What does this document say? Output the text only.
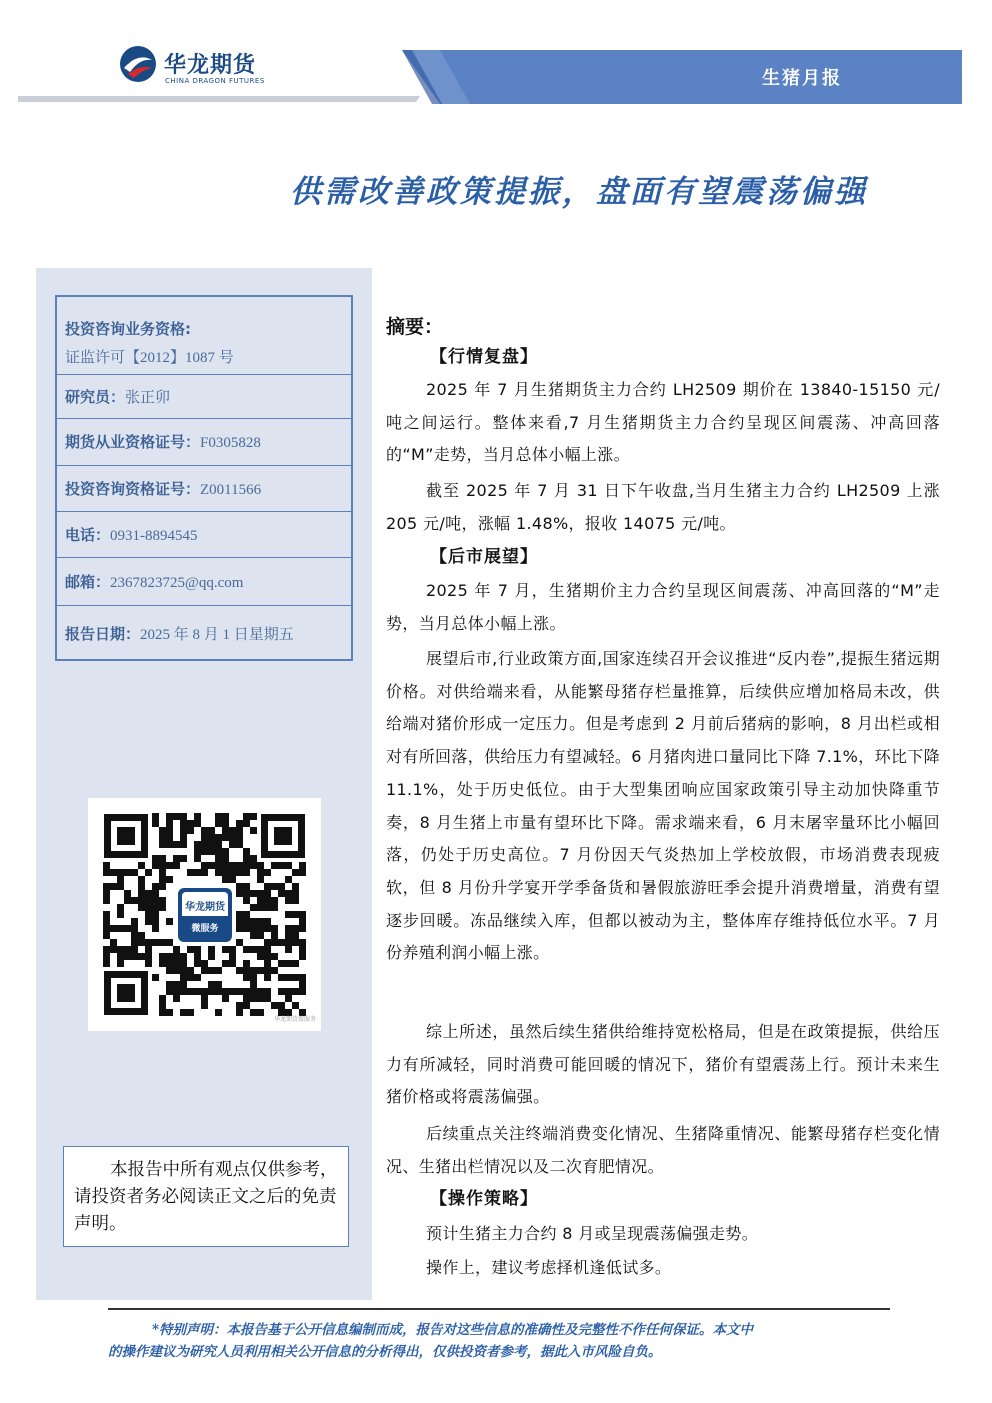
华龙期货
CHINA DRAGON FUTURES	生猪月报
供需改善政策提振，盘面有望震荡偏强
投资咨询业务资格:
证监许可【2012】1087 号
研究员：张正卯
期货从业资格证号：F0305828
投资咨询资格证号：Z0011566
电话：0931-8894545
邮箱：2367823725@qq.com
报告日期：2025 年 8 月 1 日星期五
华龙期货
微服务
华龙期货微服务
本报告中所有观点仅供参考，请投资者务必阅读正文之后的免责声明。
摘要：
【行情复盘】
2025 年 7 月生猪期货主力合约 LH2509 期价在 13840-15150 元/吨之间运行。整体来看,7 月生猪期货主力合约呈现区间震荡、冲高回落的“M”走势，当月总体小幅上涨。
截至 2025 年 7 月 31 日下午收盘,当月生猪主力合约 LH2509 上涨 205 元/吨，涨幅 1.48%，报收 14075 元/吨。
【后市展望】
2025 年 7 月，生猪期价主力合约呈现区间震荡、冲高回落的“M”走势，当月总体小幅上涨。
展望后市,行业政策方面,国家连续召开会议推进“反内卷”,提振生猪远期价格。对供给端来看，从能繁母猪存栏量推算，后续供应增加格局未改，供给端对猪价形成一定压力。但是考虑到 2 月前后猪病的影响，8 月出栏或相对有所回落，供给压力有望减轻。6 月猪肉进口量同比下降 7.1%，环比下降 11.1%，处于历史低位。由于大型集团响应国家政策引导主动加快降重节奏，8 月生猪上市量有望环比下降。需求端来看，6 月末屠宰量环比小幅回落，仍处于历史高位。7 月份因天气炎热加上学校放假，市场消费表现疲软，但 8 月份升学宴开学季备货和暑假旅游旺季会提升消费增量，消费有望逐步回暖。冻品继续入库，但都以被动为主，整体库存维持低位水平。7 月份养殖利润小幅上涨。
综上所述，虽然后续生猪供给维持宽松格局，但是在政策提振，供给压力有所减轻，同时消费可能回暖的情况下，猪价有望震荡上行。预计未来生猪价格或将震荡偏强。
后续重点关注终端消费变化情况、生猪降重情况、能繁母猪存栏变化情况、生猪出栏情况以及二次育肥情况。
【操作策略】
预计生猪主力合约 8 月或呈现震荡偏强走势。
操作上，建议考虑择机逢低试多。
*特别声明：本报告基于公开信息编制而成，报告对这些信息的准确性及完整性不作任何保证。本文中
的操作建议为研究人员利用相关公开信息的分析得出，仅供投资者参考，据此入市风险自负。
